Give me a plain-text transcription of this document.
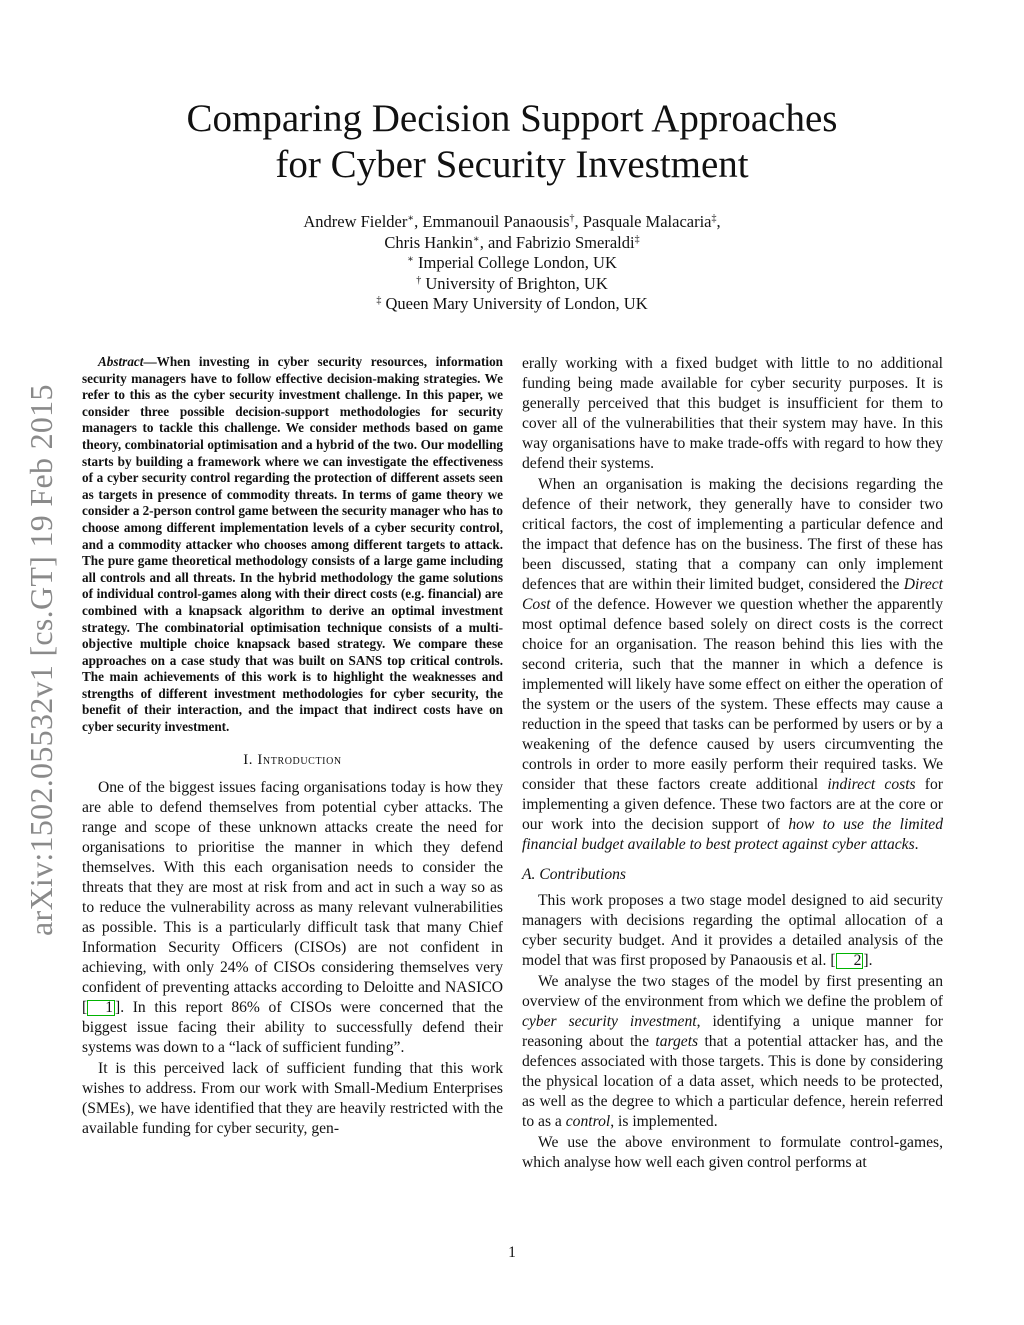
arXiv:1502.05532v1 [cs.GT] 19 Feb 2015
Comparing Decision Support Approaches
for Cyber Security Investment
Andrew Fielder∗, Emmanouil Panaousis†, Pasquale Malacaria‡,
Chris Hankin∗, and Fabrizio Smeraldi‡
∗ Imperial College London, UK
† University of Brighton, UK
‡ Queen Mary University of London, UK

Abstract—When investing in cyber security resources, information security managers have to follow effective decision-making strategies. We refer to this as the cyber security investment challenge. In this paper, we consider three possible decision-support methodologies for security managers to tackle this challenge. We consider methods based on game theory, combinatorial optimisation and a hybrid of the two. Our modelling starts by building a framework where we can investigate the effectiveness of a cyber security control regarding the protection of different assets seen as targets in presence of commodity threats. In terms of game theory we consider a 2-person control game between the security manager who has to choose among different implementation levels of a cyber security control, and a commodity attacker who chooses among different targets to attack. The pure game theoretical methodology consists of a large game including all controls and all threats. In the hybrid methodology the game solutions of individual control-games along with their direct costs (e.g. financial) are combined with a knapsack algorithm to derive an optimal investment strategy. The combinatorial optimisation technique consists of a multi-objective multiple choice knapsack based strategy. We compare these approaches on a case study that was built on SANS top critical controls. The main achievements of this work is to highlight the weaknesses and strengths of different investment methodologies for cyber security, the benefit of their interaction, and the impact that indirect costs have on cyber security investment.

I. Introduction

One of the biggest issues facing organisations today is how they are able to defend themselves from potential cyber attacks. The range and scope of these unknown attacks create the need for organisations to prioritise the manner in which they defend themselves. With this each organisation needs to consider the threats that they are most at risk from and act in such a way so as to reduce the vulnerability across as many relevant vulnerabilities as possible. This is a particularly difficult task that many Chief Information Security Officers (CISOs) are not confident in achieving, with only 24% of CISOs considering themselves very confident of preventing attacks according to Deloitte and NASICO [ 1 ]. In this report 86% of CISOs were concerned that the biggest issue facing their ability to successfully defend their systems was down to a “lack of sufficient funding”.

It is this perceived lack of sufficient funding that this work wishes to address. From our work with Small-Medium Enterprises (SMEs), we have identified that they are heavily restricted with the available funding for cyber security, gen-

erally working with a fixed budget with little to no additional funding being made available for cyber security purposes. It is generally perceived that this budget is insufficient for them to cover all of the vulnerabilities that their system may have. In this way organisations have to make trade-offs with regard to how they defend their systems.

When an organisation is making the decisions regarding the defence of their network, they generally have to consider two critical factors, the cost of implementing a particular defence and the impact that defence has on the business. The first of these has been discussed, stating that a company can only implement defences that are within their limited budget, considered the Direct Cost of the defence. However we question whether the apparently most optimal defence based solely on direct costs is the correct choice for an organisation. The reason behind this lies with the second criteria, such that the manner in which a defence is implemented will likely have some effect on either the operation of the system or the users of the system. These effects may cause a reduction in the speed that tasks can be performed by users or by a weakening of the defence caused by users circumventing the controls in order to more easily perform their required tasks. We consider that these factors create additional indirect costs for implementing a given defence. These two factors are at the core or our work into the decision support of how to use the limited financial budget available to best protect against cyber attacks.

A. Contributions

This work proposes a two stage model designed to aid security managers with decisions regarding the optimal allocation of a cyber security budget. And it provides a detailed analysis of the model that was first proposed by Panaousis et al. [ 2 ].

We analyse the two stages of the model by first presenting an overview of the environment from which we define the problem of cyber security investment, identifying a unique manner for reasoning about the targets that a potential attacker has, and the defences associated with those targets. This is done by considering the physical location of a data asset, which needs to be protected, as well as the degree to which a particular defence, herein referred to as a control, is implemented.

We use the above environment to formulate control-games, which analyse how well each given control performs at

1
